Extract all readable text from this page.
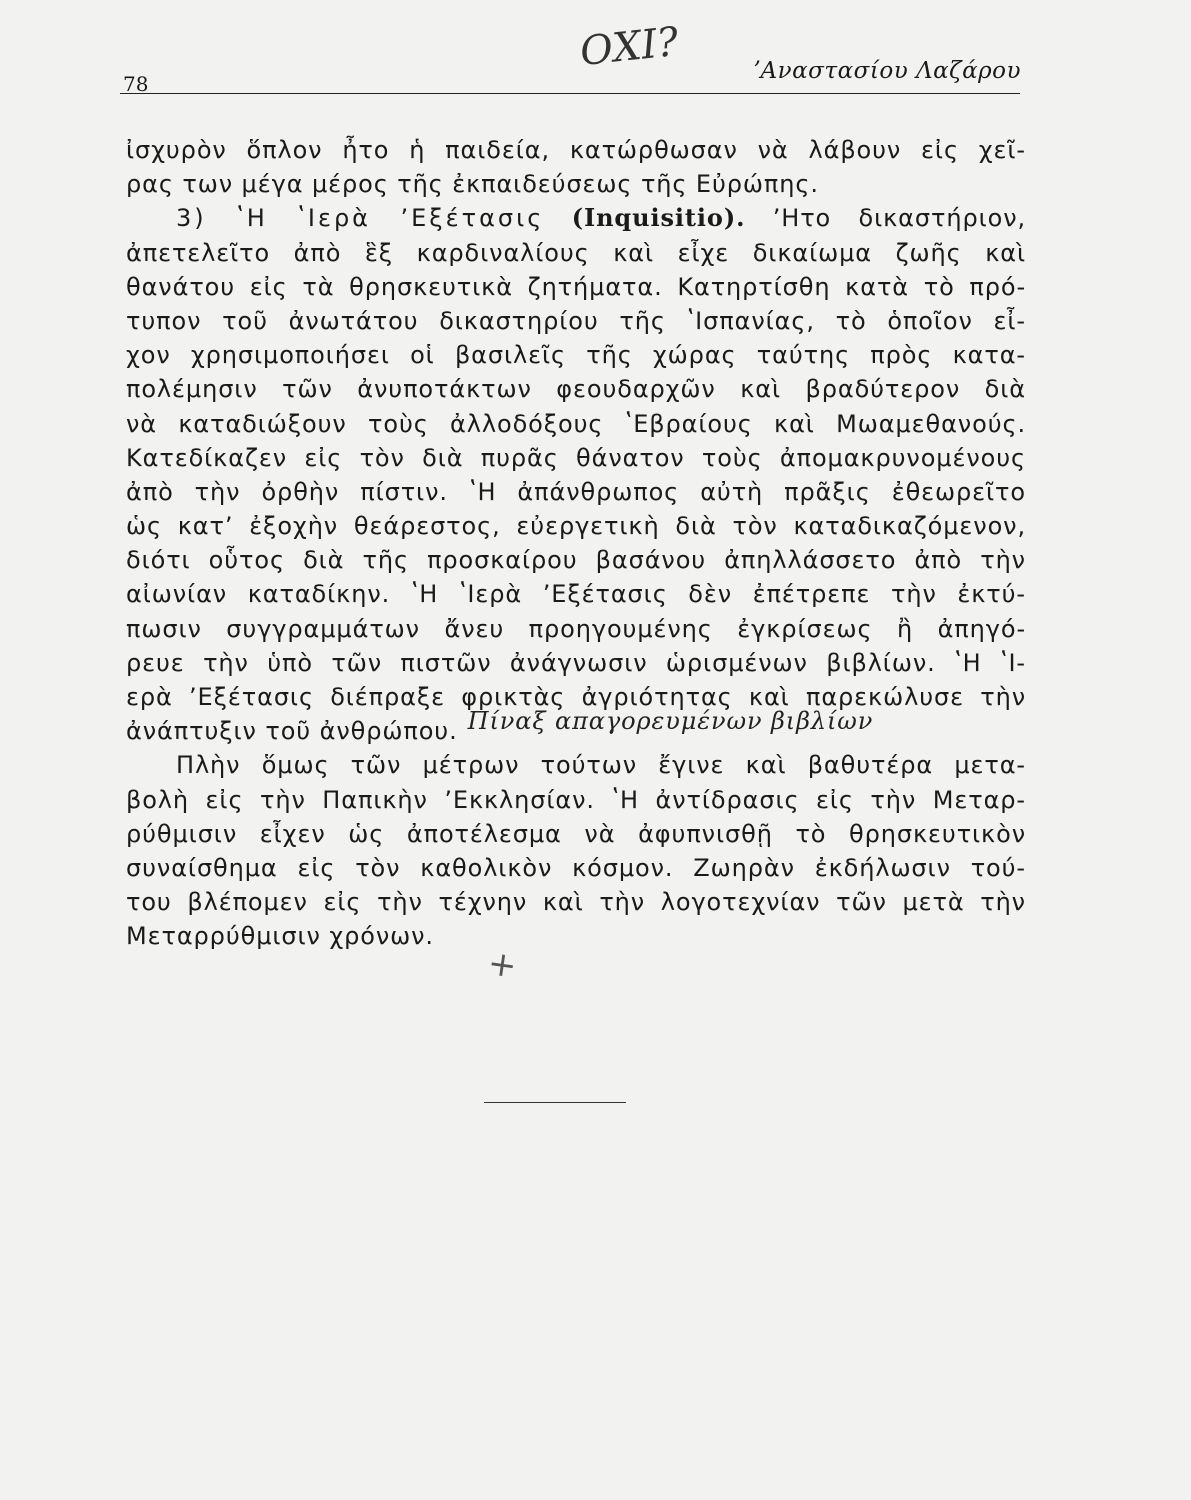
ΟΧΙ?
78	ʼΑναστασίου Λαζάρου
ἰσχυρὸν ὅπλον ἦτο ἡ παιδεία, κατώρθωσαν νὰ λάβουν εἰς χεῖ-
ρας των μέγα μέρος τῆς ἐκπαιδεύσεως τῆς Εὐρώπης.
3) ʽΗ ʽΙερὰ ʼΕξέτασις (Inquisitio). ʼΗτο δικαστήριον,
ἀπετελεῖτο ἀπὸ ἓξ καρδιναλίους καὶ εἶχε δικαίωμα ζωῆς καὶ
θανάτου εἰς τὰ θρησκευτικὰ ζητήματα. Κατηρτίσθη κατὰ τὸ πρό-
τυπον τοῦ ἀνωτάτου δικαστηρίου τῆς ʽΙσπανίας, τὸ ὁποῖον εἶ-
χον χρησιμοποιήσει οἱ βασιλεῖς τῆς χώρας ταύτης πρὸς κατα-
πολέμησιν τῶν ἀνυποτάκτων φεουδαρχῶν καὶ βραδύτερον διὰ
νὰ καταδιώξουν τοὺς ἀλλοδόξους ʽΕβραίους καὶ Μωαμεθανούς.
Κατεδίκαζεν εἰς τὸν διὰ πυρᾶς θάνατον τοὺς ἀπομακρυνομένους
ἀπὸ τὴν ὀρθὴν πίστιν. ʽΗ ἀπάνθρωπος αὐτὴ πρᾶξις ἐθεωρεῖτο
ὡς κατʼ ἐξοχὴν θεάρεστος, εὐεργετικὴ διὰ τὸν καταδικαζόμενον,
διότι οὗτος διὰ τῆς προσκαίρου βασάνου ἀπηλλάσσετο ἀπὸ τὴν
αἰωνίαν καταδίκην. ʽΗ ʽΙερὰ ʼΕξέτασις δὲν ἐπέτρεπε τὴν ἐκτύ-
πωσιν συγγραμμάτων ἄνευ προηγουμένης ἐγκρίσεως ἢ ἀπηγό-
ρευε τὴν ὑπὸ τῶν πιστῶν ἀνάγνωσιν ὡρισμένων βιβλίων. ʽΗ ʽΙ-
ερὰ ʼΕξέτασις διέπραξε φρικτὰς ἀγριότητας καὶ παρεκώλυσε τὴν
ἀνάπτυξιν τοῦ ἀνθρώπου. Πίναξ απαγορευμένων βιβλίων
Πλὴν ὅμως τῶν μέτρων τούτων ἔγινε καὶ βαθυτέρα μετα-
βολὴ εἰς τὴν Παπικὴν ʼΕκκλησίαν. ʽΗ ἀντίδρασις εἰς τὴν Μεταρ-
ρύθμισιν εἶχεν ὡς ἀποτέλεσμα νὰ ἀφυπνισθῇ τὸ θρησκευτικὸν
συναίσθημα εἰς τὸν καθολικὸν κόσμον. Ζωηρὰν ἐκδήλωσιν τού-
του βλέπομεν εἰς τὴν τέχνην καὶ τὴν λογοτεχνίαν τῶν μετὰ τὴν
Μεταρρύθμισιν χρόνων.
+
